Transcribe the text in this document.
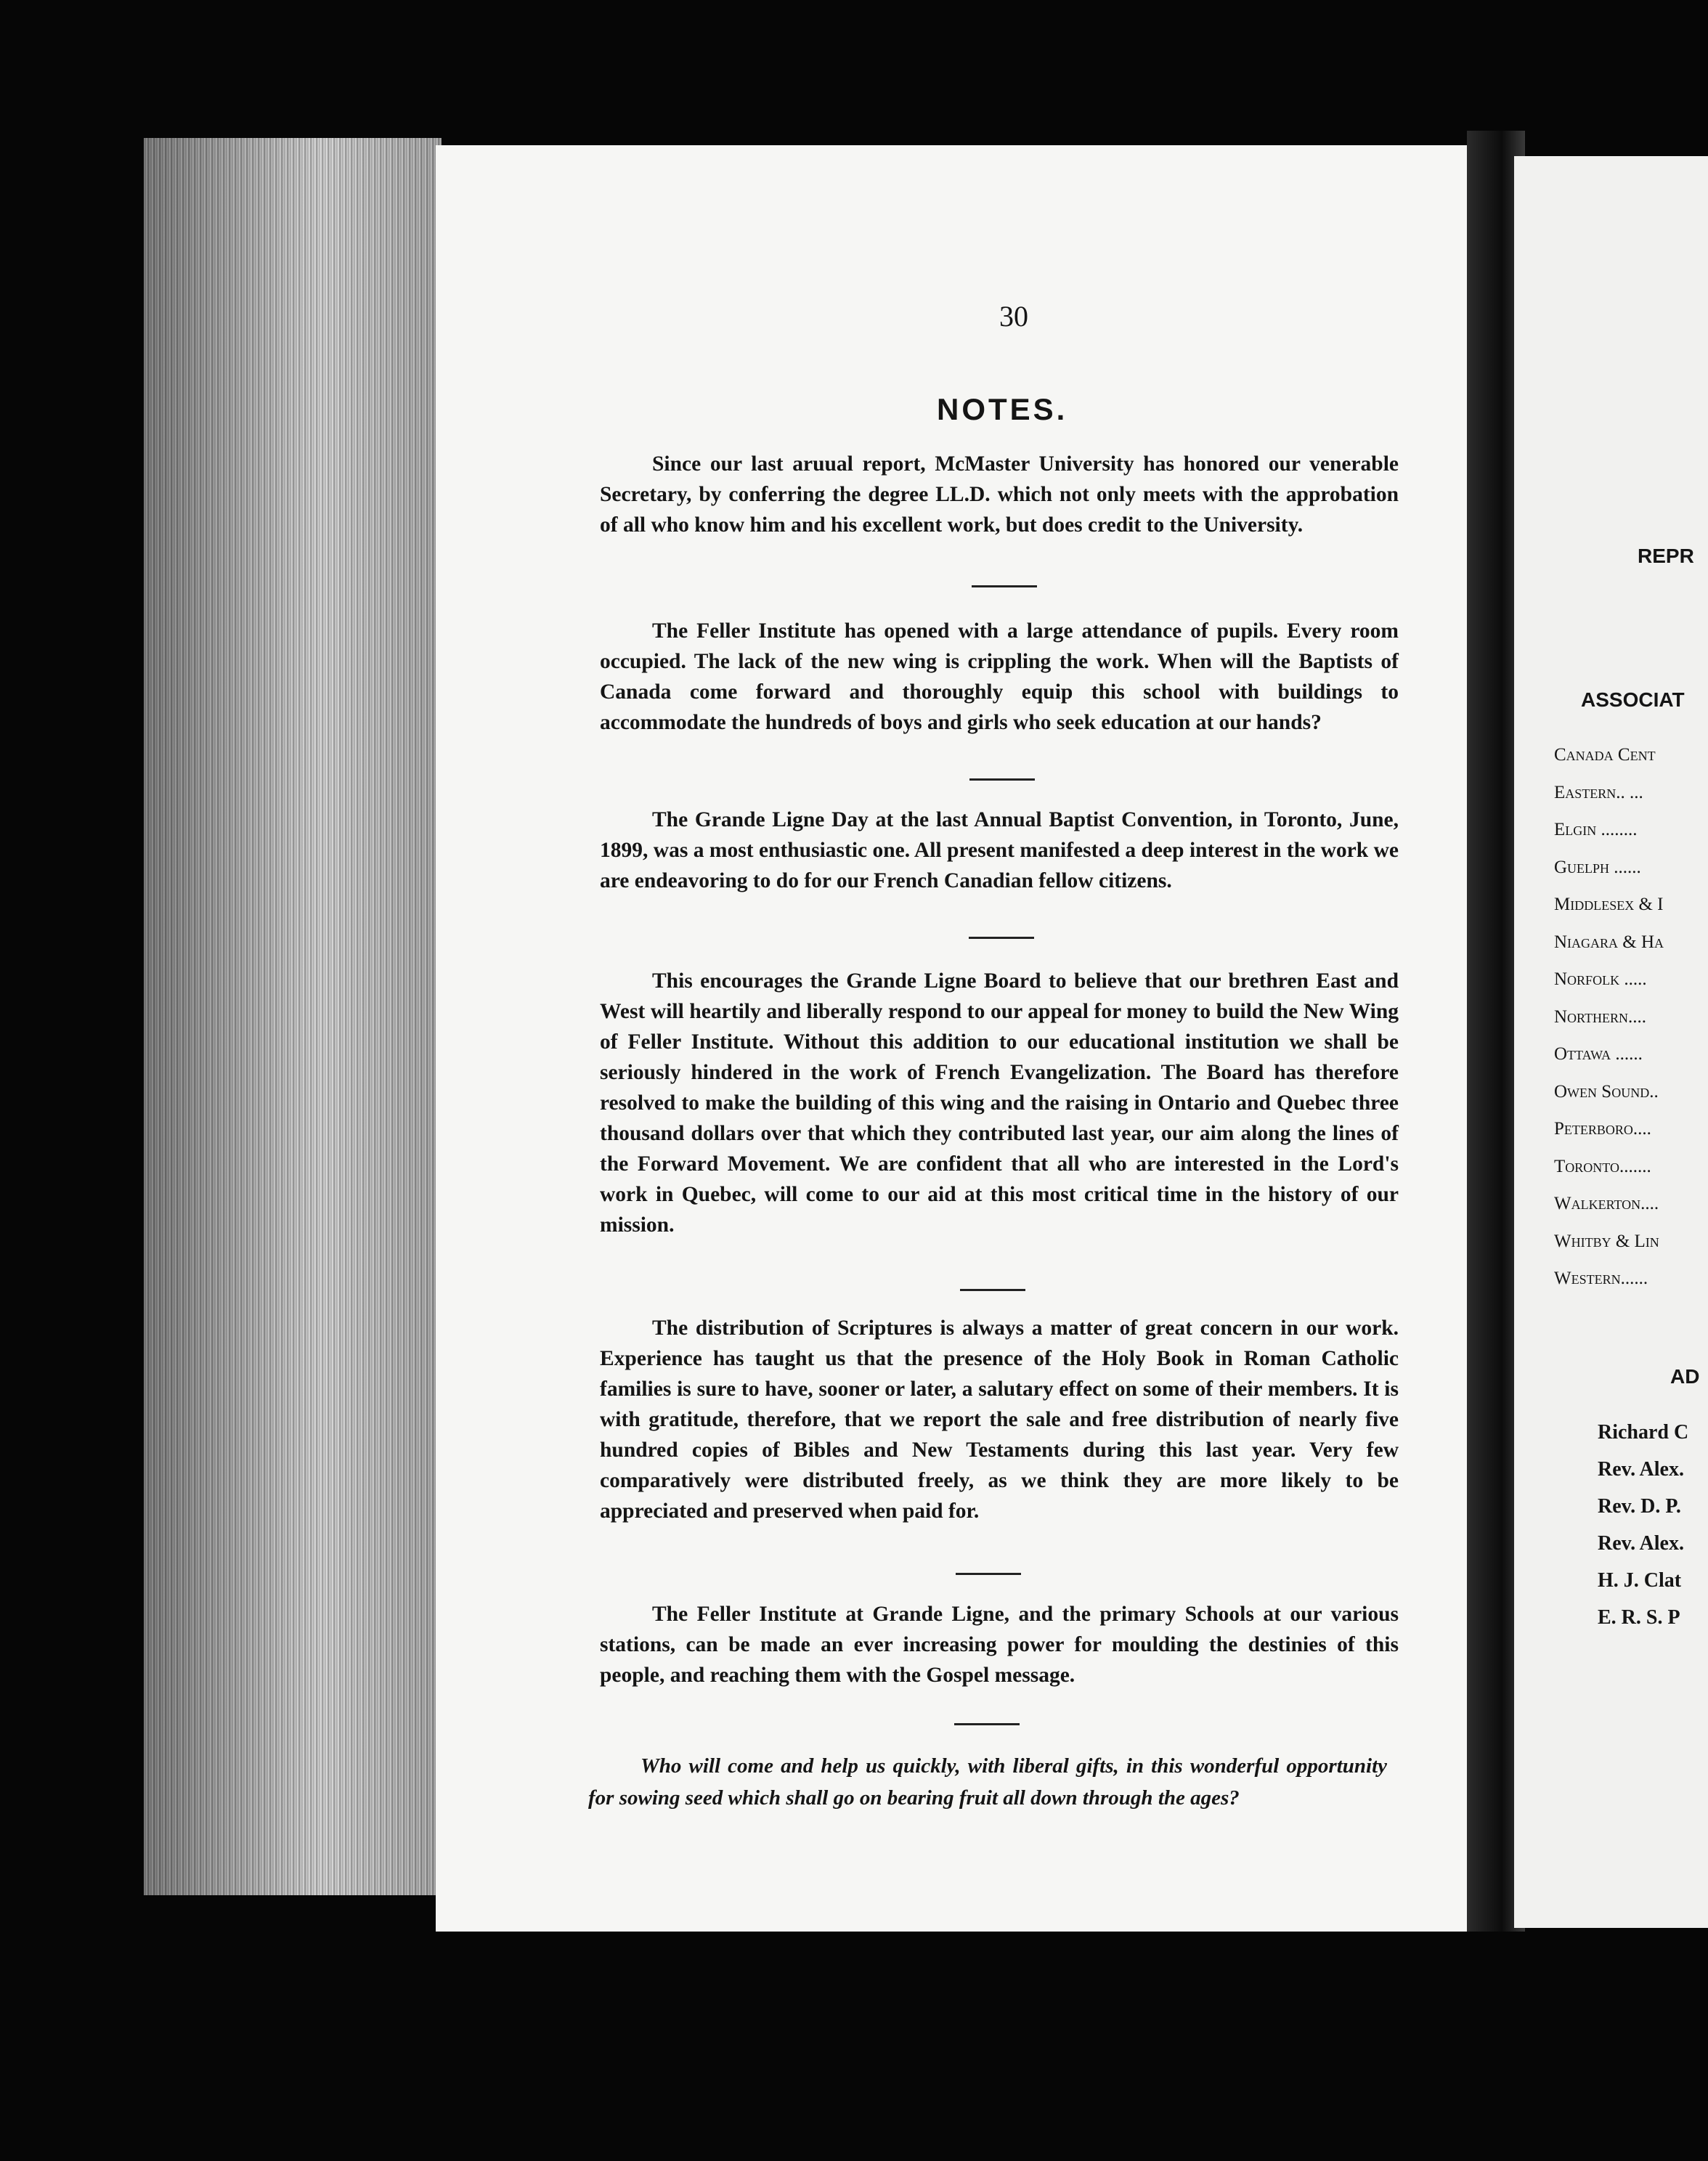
30
NOTES.
Since our last aruual report, McMaster University has honored our venerable Secretary, by conferring the degree LL.D. which not only meets with the approbation of all who know him and his excellent work, but does credit to the University.
The Feller Institute has opened with a large attendance of pupils. Every room occupied. The lack of the new wing is crippling the work. When will the Baptists of Canada come forward and thoroughly equip this school with buildings to accommodate the hundreds of boys and girls who seek education at our hands?
The Grande Ligne Day at the last Annual Baptist Convention, in Toronto, June, 1899, was a most enthusiastic one. All present manifested a deep interest in the work we are endeavoring to do for our French Canadian fellow citizens.
This encourages the Grande Ligne Board to believe that our brethren East and West will heartily and liberally respond to our appeal for money to build the New Wing of Feller Institute. Without this addition to our educational institution we shall be seriously hindered in the work of French Evangelization. The Board has therefore resolved to make the building of this wing and the raising in Ontario and Quebec three thousand dollars over that which they contributed last year, our aim along the lines of the Forward Movement. We are confident that all who are interested in the Lord's work in Quebec, will come to our aid at this most critical time in the history of our mission.
The distribution of Scriptures is always a matter of great concern in our work. Experience has taught us that the presence of the Holy Book in Roman Catholic families is sure to have, sooner or later, a salutary effect on some of their members. It is with gratitude, therefore, that we report the sale and free distribution of nearly five hundred copies of Bibles and New Testaments during this last year. Very few comparatively were distributed freely, as we think they are more likely to be appreciated and preserved when paid for.
The Feller Institute at Grande Ligne, and the primary Schools at our various stations, can be made an ever increasing power for moulding the destinies of this people, and reaching them with the Gospel message.
Who will come and help us quickly, with liberal gifts, in this wonderful opportunity for sowing seed which shall go on bearing fruit all down through the ages?
REPR
ASSOCIAT
Canada Cent
Eastern.. ...
Elgin ........
Guelph ......
Middlesex & I
Niagara & Ha
Norfolk .....
Northern....
Ottawa ......
Owen Sound..
Peterboro....
Toronto.......
Walkerton....
Whitby & Lin
Western......
AD
Richard C
Rev. Alex.
Rev. D. P.
Rev. Alex.
H. J. Clat
E. R. S. P
